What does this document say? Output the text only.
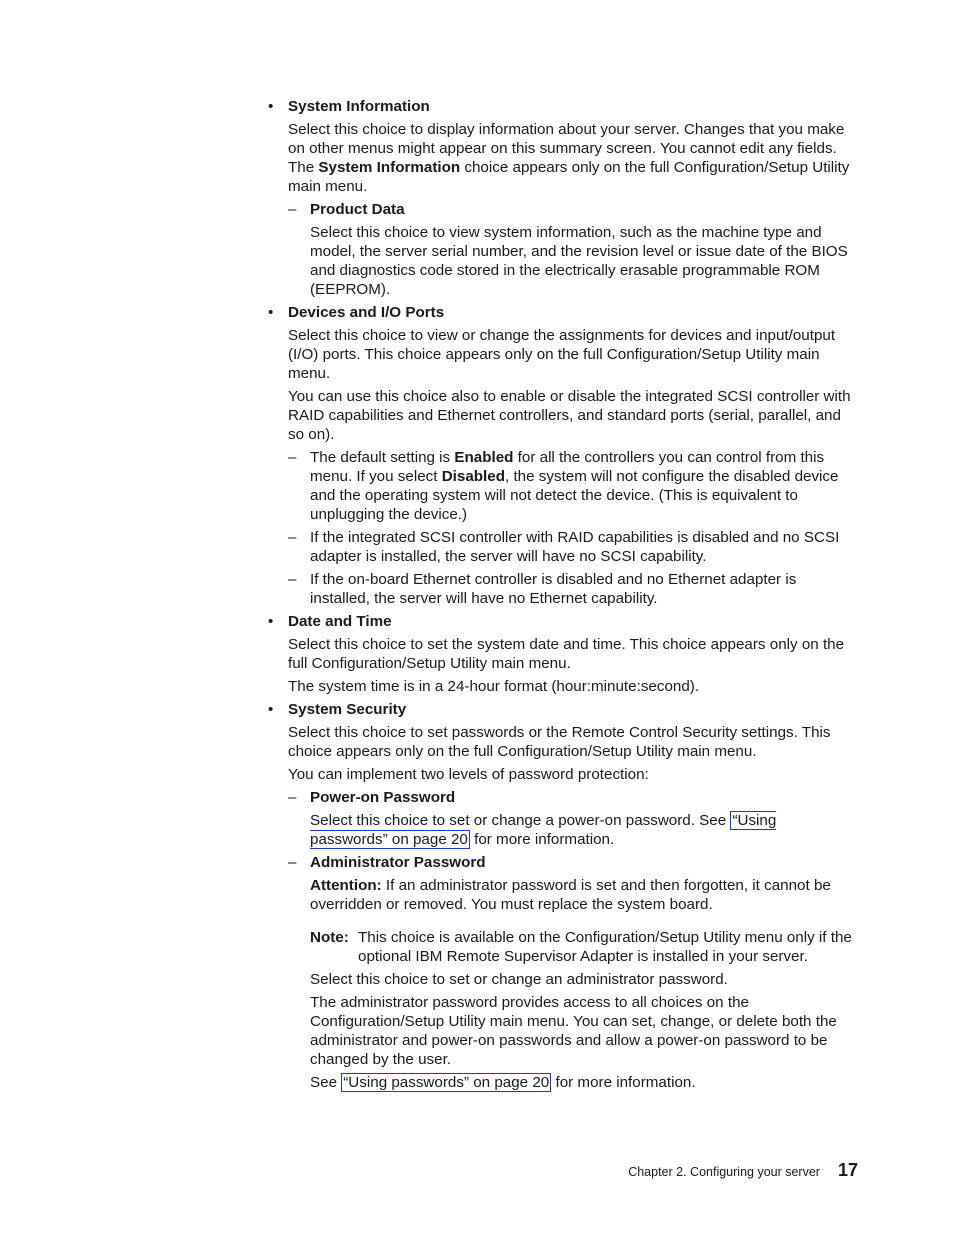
• System Information

Select this choice to display information about your server. Changes that you make on other menus might appear on this summary screen. You cannot edit any fields. The System Information choice appears only on the full Configuration/Setup Utility main menu.

– Product Data

Select this choice to view system information, such as the machine type and model, the server serial number, and the revision level or issue date of the BIOS and diagnostics code stored in the electrically erasable programmable ROM (EEPROM).

• Devices and I/O Ports

Select this choice to view or change the assignments for devices and input/output (I/O) ports. This choice appears only on the full Configuration/Setup Utility main menu.

You can use this choice also to enable or disable the integrated SCSI controller with RAID capabilities and Ethernet controllers, and standard ports (serial, parallel, and so on).

– The default setting is Enabled for all the controllers you can control from this menu. If you select Disabled, the system will not configure the disabled device and the operating system will not detect the device. (This is equivalent to unplugging the device.)

– If the integrated SCSI controller with RAID capabilities is disabled and no SCSI adapter is installed, the server will have no SCSI capability.

– If the on-board Ethernet controller is disabled and no Ethernet adapter is installed, the server will have no Ethernet capability.

• Date and Time

Select this choice to set the system date and time. This choice appears only on the full Configuration/Setup Utility main menu.

The system time is in a 24-hour format (hour:minute:second).

• System Security

Select this choice to set passwords or the Remote Control Security settings. This choice appears only on the full Configuration/Setup Utility main menu.

You can implement two levels of password protection:

– Power-on Password

Select this choice to set or change a power-on password. See “Using passwords” on page 20 for more information.

– Administrator Password

Attention: If an administrator password is set and then forgotten, it cannot be overridden or removed. You must replace the system board.

Note: This choice is available on the Configuration/Setup Utility menu only if the optional IBM Remote Supervisor Adapter is installed in your server.

Select this choice to set or change an administrator password.

The administrator password provides access to all choices on the Configuration/Setup Utility main menu. You can set, change, or delete both the administrator and power-on passwords and allow a power-on password to be changed by the user.

See “Using passwords” on page 20 for more information.

Chapter 2. Configuring your server 17
